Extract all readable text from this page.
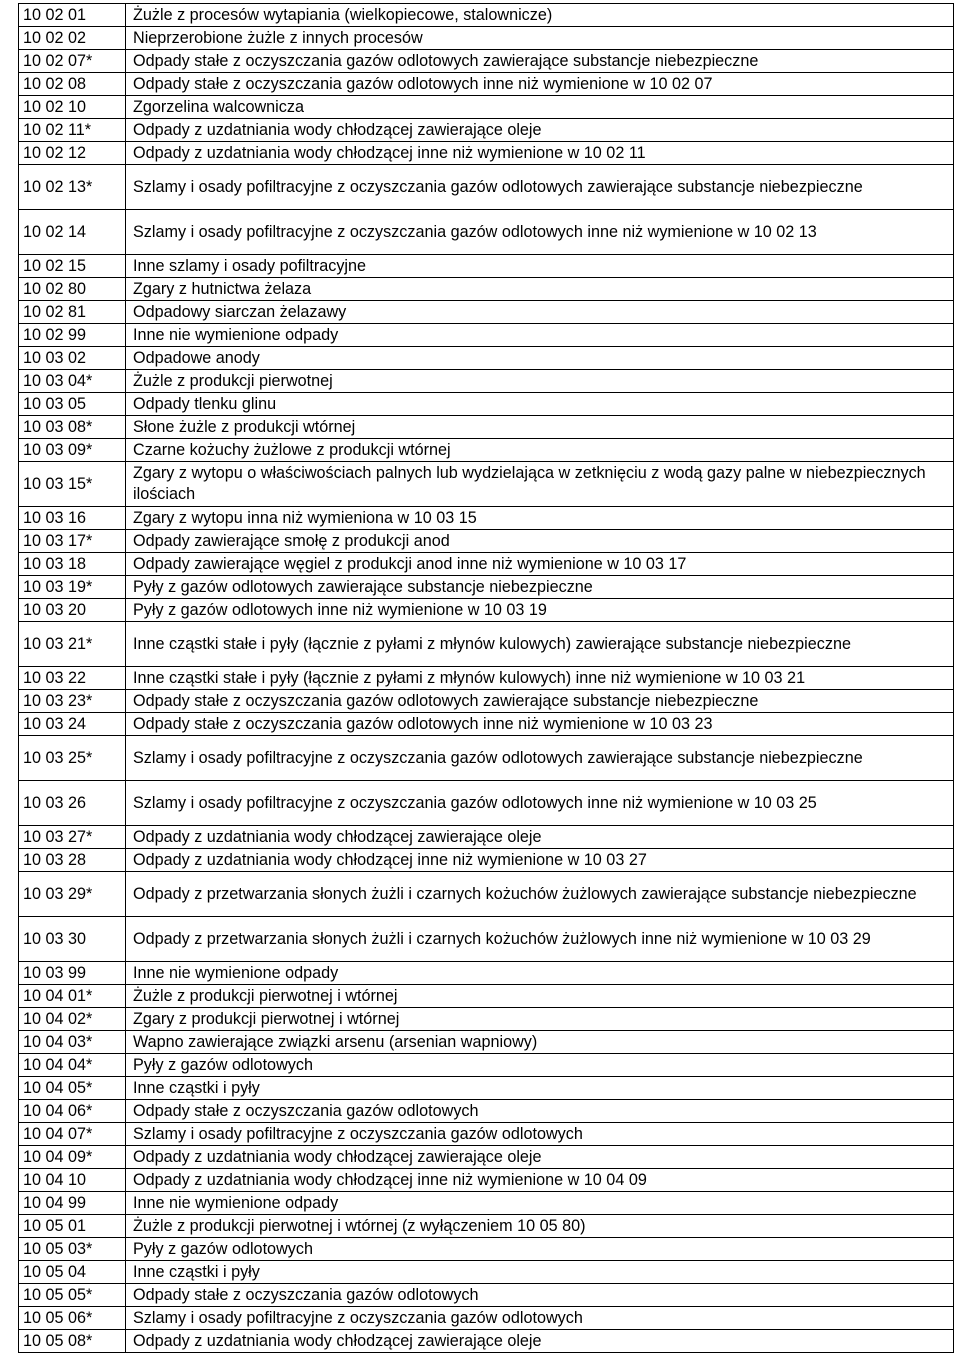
10 02 01	Żużle z procesów wytapiania (wielkopiecowe, stalownicze)
10 02 02	Nieprzerobione żużle z innych procesów
10 02 07*	Odpady stałe z oczyszczania gazów odlotowych zawierające substancje niebezpieczne
10 02 08	Odpady stałe z oczyszczania gazów odlotowych inne niż wymienione w 10 02 07
10 02 10	Zgorzelina walcownicza
10 02 11*	Odpady z uzdatniania wody chłodzącej zawierające oleje
10 02 12	Odpady z uzdatniania wody chłodzącej inne niż wymienione w 10 02 11
10 02 13*	Szlamy i osady pofiltracyjne z oczyszczania gazów odlotowych zawierające substancje niebezpieczne
10 02 14	Szlamy i osady pofiltracyjne z oczyszczania gazów odlotowych inne niż wymienione w 10 02 13
10 02 15	Inne szlamy i osady pofiltracyjne
10 02 80	Zgary z hutnictwa żelaza
10 02 81	Odpadowy siarczan żelazawy
10 02 99	Inne nie wymienione odpady
10 03 02	Odpadowe anody
10 03 04*	Żużle z produkcji pierwotnej
10 03 05	Odpady tlenku glinu
10 03 08*	Słone żużle z produkcji wtórnej
10 03 09*	Czarne kożuchy żużlowe z produkcji wtórnej
10 03 15*	Zgary z wytopu o właściwościach palnych lub wydzielająca w zetknięciu z wodą gazy palne w niebezpiecznych ilościach
10 03 16	Zgary z wytopu inna niż wymieniona w 10 03 15
10 03 17*	Odpady zawierające smołę z produkcji anod
10 03 18	Odpady zawierające węgiel z produkcji anod inne niż wymienione w 10 03 17
10 03 19*	Pyły z gazów odlotowych zawierające substancje niebezpieczne
10 03 20	Pyły z gazów odlotowych inne niż wymienione w 10 03 19
10 03 21*	Inne cząstki stałe i pyły (łącznie z pyłami z młynów kulowych) zawierające substancje niebezpieczne
10 03 22	Inne cząstki stałe i pyły (łącznie z pyłami z młynów kulowych) inne niż wymienione w 10 03 21
10 03 23*	Odpady stałe z oczyszczania gazów odlotowych zawierające substancje niebezpieczne
10 03 24	Odpady stałe z oczyszczania gazów odlotowych inne niż wymienione w 10 03 23
10 03 25*	Szlamy i osady pofiltracyjne z oczyszczania gazów odlotowych zawierające substancje niebezpieczne
10 03 26	Szlamy i osady pofiltracyjne z oczyszczania gazów odlotowych inne niż wymienione w 10 03 25
10 03 27*	Odpady z uzdatniania wody chłodzącej zawierające oleje
10 03 28	Odpady z uzdatniania wody chłodzącej inne niż wymienione w 10 03 27
10 03 29*	Odpady z przetwarzania słonych żużli i czarnych kożuchów żużlowych zawierające substancje niebezpieczne
10 03 30	Odpady z przetwarzania słonych żużli i czarnych kożuchów żużlowych inne niż wymienione w 10 03 29
10 03 99	Inne nie wymienione odpady
10 04 01*	Żużle z produkcji pierwotnej i wtórnej
10 04 02*	Zgary z produkcji pierwotnej i wtórnej
10 04 03*	Wapno zawierające związki arsenu (arsenian wapniowy)
10 04 04*	Pyły z gazów odlotowych
10 04 05*	Inne cząstki i pyły
10 04 06*	Odpady stałe z oczyszczania gazów odlotowych
10 04 07*	Szlamy i osady pofiltracyjne z oczyszczania gazów odlotowych
10 04 09*	Odpady z uzdatniania wody chłodzącej zawierające oleje
10 04 10	Odpady z uzdatniania wody chłodzącej inne niż wymienione w 10 04 09
10 04 99	Inne nie wymienione odpady
10 05 01	Żużle z produkcji pierwotnej i wtórnej (z wyłączeniem 10 05 80)
10 05 03*	Pyły z gazów odlotowych
10 05 04	Inne cząstki i pyły
10 05 05*	Odpady stałe z oczyszczania gazów odlotowych
10 05 06*	Szlamy i osady pofiltracyjne z oczyszczania gazów odlotowych
10 05 08*	Odpady z uzdatniania wody chłodzącej zawierające oleje
